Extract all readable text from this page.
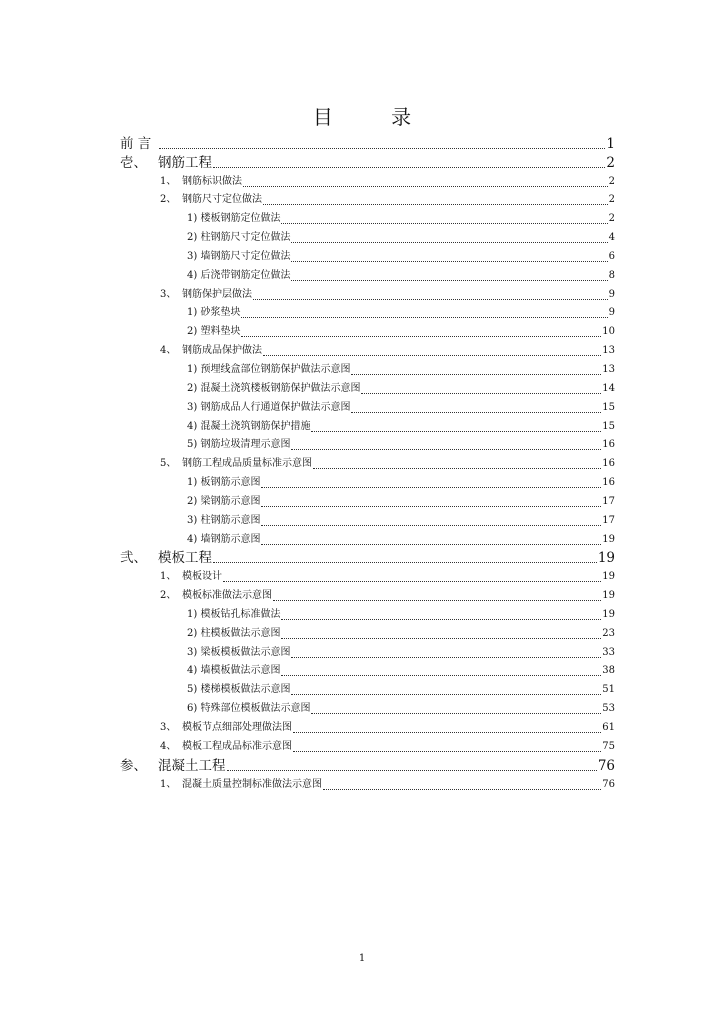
目 录
前 言	1
壱、 钢筋工程	2
1、 钢筋标识做法	2
2、 钢筋尺寸定位做法	2
1) 楼板钢筋定位做法	2
2) 柱钢筋尺寸定位做法	4
3) 墙钢筋尺寸定位做法	6
4) 后浇带钢筋定位做法	8
3、 钢筋保护层做法	9
1) 砂浆垫块	9
2) 塑料垫块	10
4、 钢筋成品保护做法	13
1) 预埋线盒部位钢筋保护做法示意图	13
2) 混凝土浇筑楼板钢筋保护做法示意图	14
3) 钢筋成品人行通道保护做法示意图	15
4) 混凝土浇筑钢筋保护措施	15
5) 钢筋垃圾清理示意图	16
5、 钢筋工程成品质量标准示意图	16
1) 板钢筋示意图	16
2) 梁钢筋示意图	17
3) 柱钢筋示意图	17
4) 墙钢筋示意图	19
弐、 模板工程	19
1、 模板设计	19
2、 模板标准做法示意图	19
1) 模板钻孔标准做法	19
2) 柱模板做法示意图	23
3) 梁板模板做法示意图	33
4) 墙模板做法示意图	38
5) 楼梯模板做法示意图	51
6) 特殊部位模板做法示意图	53
3、 模板节点细部处理做法图	61
4、 模板工程成品标准示意图	75
参、 混凝土工程	76
1、 混凝土质量控制标准做法示意图	76
1
